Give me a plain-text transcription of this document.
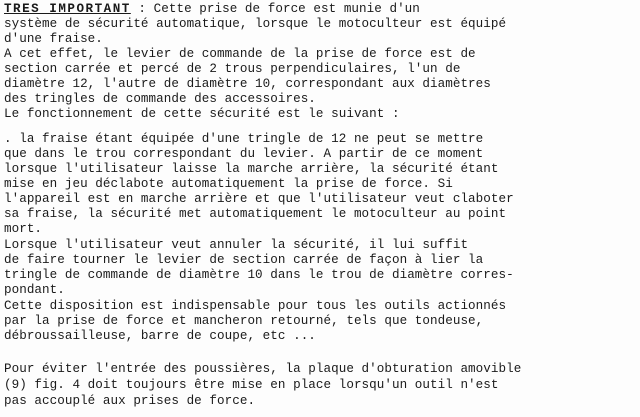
TRES IMPORTANT : Cette prise de force est munie d'un
système de sécurité automatique, lorsque le motoculteur est équipé
d'une fraise.
A cet effet, le levier de commande de la prise de force est de
section carrée et percé de 2 trous perpendiculaires, l'un de
diamètre 12, l'autre de diamètre 10, correspondant aux diamètres
des tringles de commande des accessoires.
Le fonctionnement de cette sécurité est le suivant :
. la fraise étant équipée d'une tringle de 12 ne peut se mettre
que dans le trou correspondant du levier. A partir de ce moment
lorsque l'utilisateur laisse la marche arrière, la sécurité étant
mise en jeu déclabote automatiquement la prise de force. Si
l'appareil est en marche arrière et que l'utilisateur veut claboter
sa fraise, la sécurité met automatiquement le motoculteur au point
mort.
Lorsque l'utilisateur veut annuler la sécurité, il lui suffit
de faire tourner le levier de section carrée de façon à lier la
tringle de commande de diamètre 10 dans le trou de diamètre corres-
pondant.
Cette disposition est indispensable pour tous les outils actionnés
par la prise de force et mancheron retourné, tels que tondeuse,
débroussailleuse, barre de coupe, etc ...
Pour éviter l'entrée des poussières, la plaque d'obturation amovible
(9) fig. 4 doit toujours être mise en place lorsqu'un outil n'est
pas accouplé aux prises de force.
